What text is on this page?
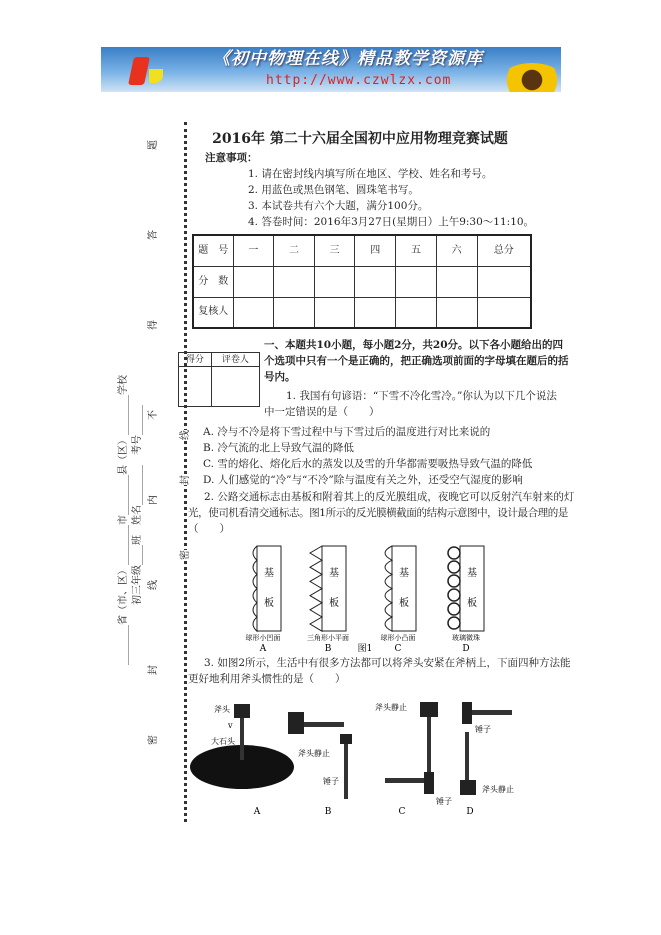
《初中物理在线》精品教学资源库
http://www.czwlzx.com
________省（市、区）________市________县（区）________学校 初三年级____班　姓名________　考号______
密
封
线
内
不
得
答
题
密
封
线
2016年 第二十六届全国初中应用物理竞赛试题
注意事项：
1. 请在密封线内填写所在地区、学校、姓名和考号。
2. 用蓝色或黑色钢笔、圆珠笔书写。
3. 本试卷共有六个大题，满分100分。
4. 答卷时间：2016年3月27日(星期日）上午9:30～11:10。
题　号	一	二	三	四	五	六	总分
分　数							
复核人							
得分	评卷人

一、本题共10小题，每小题2分，共20分。以下各小题给出的四
个选项中只有一个是正确的，把正确选项前面的字母填在题后的括
号内。
1. 我国有句谚语：“下雪不冷化雪冷。”你认为以下几个说法
中一定错误的是（　　）
A. 冷与不冷是将下雪过程中与下雪过后的温度进行对比来说的
B. 冷气流的北上导致气温的降低
C. 雪的熔化、熔化后水的蒸发以及雪的升华都需要吸热导致气温的降低
D. 人们感觉的“冷”与“不冷”除与温度有关之外，还受空气湿度的影响
2. 公路交通标志由基板和附着其上的反光膜组成，夜晚它可以反射汽车射来的灯
光，使司机看清交通标志。图1所示的反光膜横截面的结构示意图中，设计最合理的是
（　　）
基
板
球形小凹面
A
基
板
三角形小平面
B
基
板
球形小凸面
C
基
板
玻璃微珠
D
图1
3. 如图2所示，生活中有很多方法都可以将斧头安紧在斧柄上，下面四种方法能
更好地利用斧头惯性的是（　　）
斧头
大石头
v
斧头静止
锤子
斧头静止
锤子
锤子
斧头静止
A	B	C	D
